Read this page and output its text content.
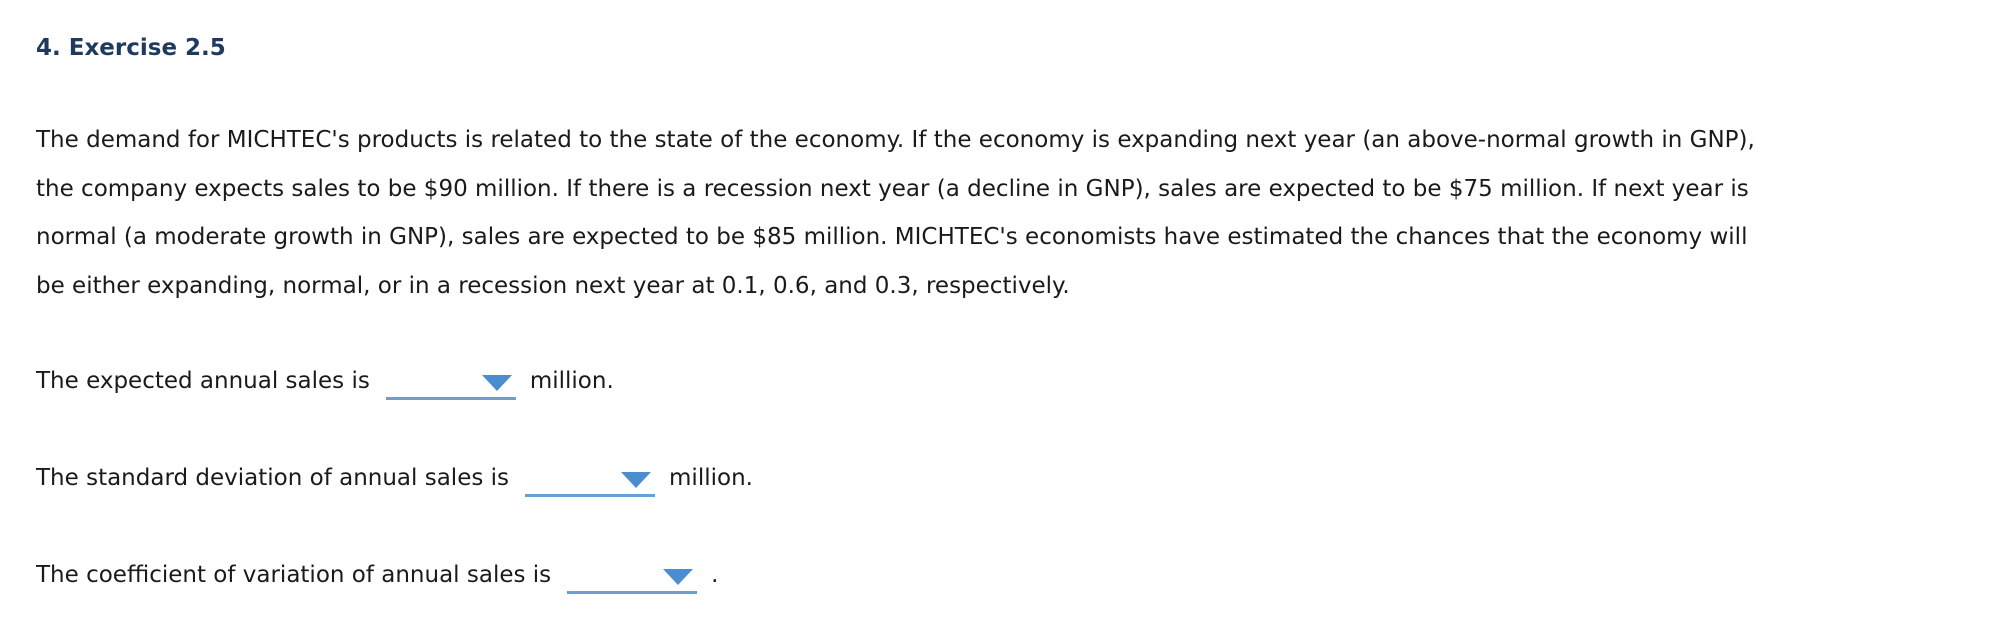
4. Exercise 2.5
The demand for MICHTEC's products is related to the state of the economy. If the economy is expanding next year (an above-normal growth in GNP),
the company expects sales to be $90 million. If there is a recession next year (a decline in GNP), sales are expected to be $75 million. If next year is
normal (a moderate growth in GNP), sales are expected to be $85 million. MICHTEC's economists have estimated the chances that the economy will
be either expanding, normal, or in a recession next year at 0.1, 0.6, and 0.3, respectively.
The expected annual sales is	million.
The standard deviation of annual sales is	million.
The coefficient of variation of annual sales is	.
